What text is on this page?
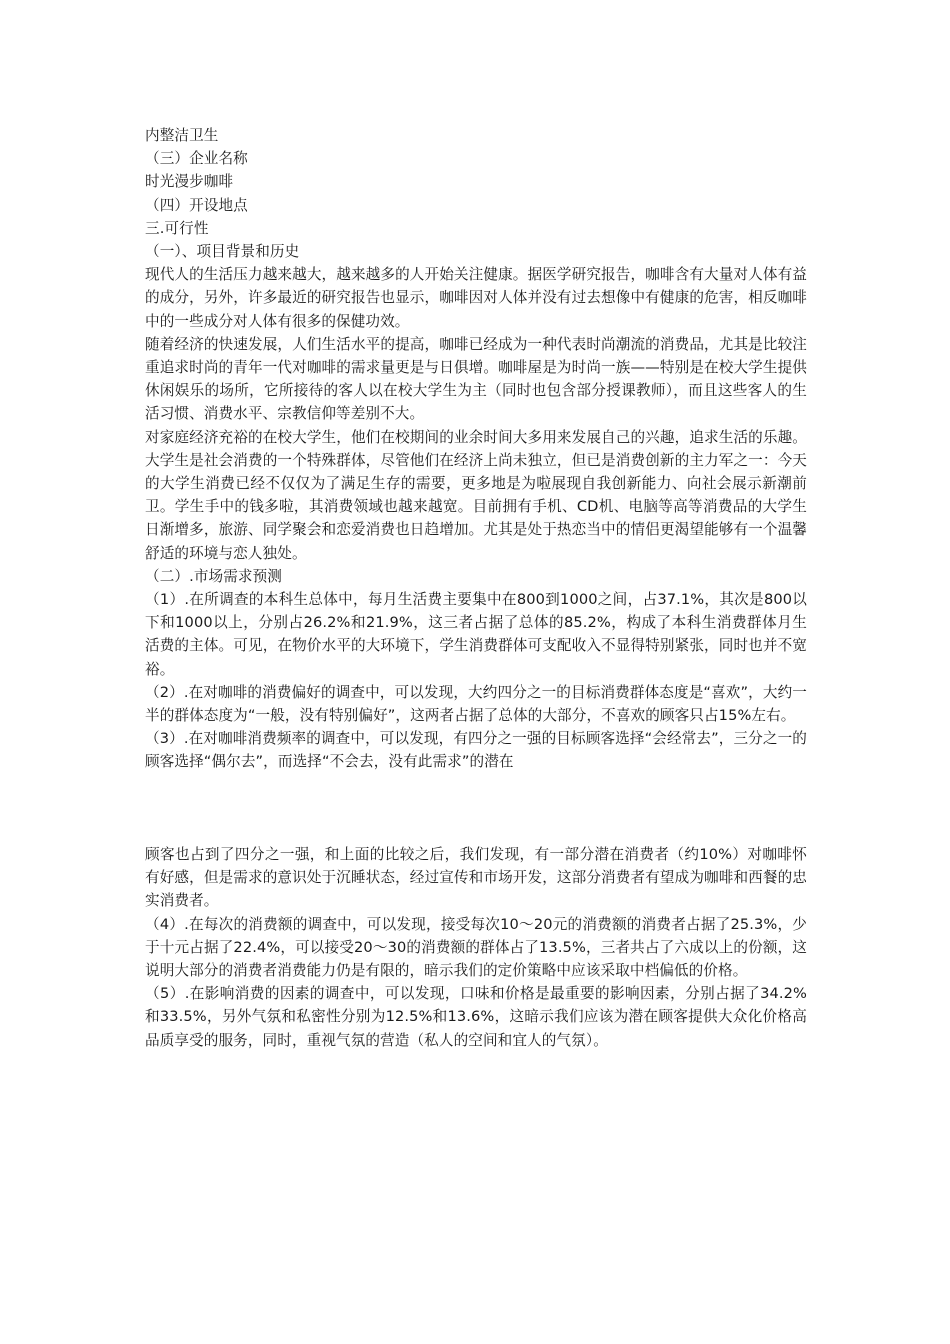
内整洁卫生

（三）企业名称

时光漫步咖啡

（四）开设地点

三.可行性

（一）、项目背景和历史

现代人的生活压力越来越大，越来越多的人开始关注健康。据医学研究报告，咖啡含有大量对人体有益的成分，另外，许多最近的研究报告也显示，咖啡因对人体并没有过去想像中有健康的危害，相反咖啡中的一些成分对人体有很多的保健功效。

随着经济的快速发展，人们生活水平的提高，咖啡已经成为一种代表时尚潮流的消费品，尤其是比较注重追求时尚的青年一代对咖啡的需求量更是与日俱增。咖啡屋是为时尚一族——特别是在校大学生提供休闲娱乐的场所，它所接待的客人以在校大学生为主（同时也包含部分授课教师），而且这些客人的生活习惯、消费水平、宗教信仰等差别不大。

对家庭经济充裕的在校大学生，他们在校期间的业余时间大多用来发展自己的兴趣，追求生活的乐趣。大学生是社会消费的一个特殊群体，尽管他们在经济上尚未独立，但已是消费创新的主力军之一：今天的大学生消费已经不仅仅为了满足生存的需要，更多地是为啦展现自我创新能力、向社会展示新潮前卫。学生手中的钱多啦，其消费领域也越来越宽。目前拥有手机、CD机、电脑等高等消费品的大学生日渐增多，旅游、同学聚会和恋爱消费也日趋增加。尤其是处于热恋当中的情侣更渴望能够有一个温馨舒适的环境与恋人独处。

（二）.市场需求预测

（1）.在所调查的本科生总体中，每月生活费主要集中在800到1000之间，占37.1%，其次是800以下和1000以上，分别占26.2%和21.9%，这三者占据了总体的85.2%，构成了本科生消费群体月生活费的主体。可见，在物价水平的大环境下，学生消费群体可支配收入不显得特别紧张，同时也并不宽裕。

（2）.在对咖啡的消费偏好的调查中，可以发现，大约四分之一的目标消费群体态度是“喜欢”，大约一半的群体态度为“一般，没有特别偏好”，这两者占据了总体的大部分，不喜欢的顾客只占15%左右。

（3）.在对咖啡消费频率的调查中，可以发现，有四分之一强的目标顾客选择“会经常去”，三分之一的顾客选择“偶尔去”，而选择“不会去，没有此需求”的潜在

顾客也占到了四分之一强，和上面的比较之后，我们发现，有一部分潜在消费者（约10%）对咖啡怀有好感，但是需求的意识处于沉睡状态，经过宣传和市场开发，这部分消费者有望成为咖啡和西餐的忠实消费者。

（4）.在每次的消费额的调查中，可以发现，接受每次10～20元的消费额的消费者占据了25.3%，少于十元占据了22.4%，可以接受20～30的消费额的群体占了13.5%，三者共占了六成以上的份额，这说明大部分的消费者消费能力仍是有限的，暗示我们的定价策略中应该采取中档偏低的价格。

（5）.在影响消费的因素的调查中，可以发现，口味和价格是最重要的影响因素，分别占据了34.2%和33.5%，另外气氛和私密性分别为12.5%和13.6%，这暗示我们应该为潜在顾客提供大众化价格高品质享受的服务，同时，重视气氛的营造（私人的空间和宜人的气氛）。
